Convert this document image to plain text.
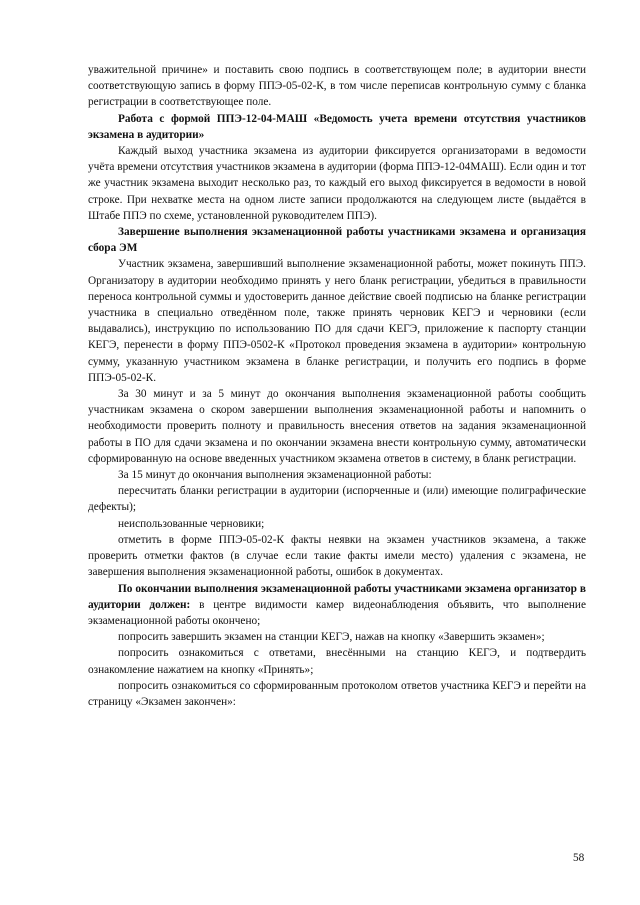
уважительной причине» и поставить свою подпись в соответствующем поле; в аудитории внести соответствующую запись в форму ППЭ-05-02-К, в том числе переписав контрольную сумму с бланка регистрации в соответствующее поле.

Работа с формой ППЭ-12-04-МАШ «Ведомость учета времени отсутствия участников экзамена в аудитории»

Каждый выход участника экзамена из аудитории фиксируется организаторами в ведомости учёта времени отсутствия участников экзамена в аудитории (форма ППЭ-12-04МАШ). Если один и тот же участник экзамена выходит несколько раз, то каждый его выход фиксируется в ведомости в новой строке. При нехватке места на одном листе записи продолжаются на следующем листе (выдаётся в Штабе ППЭ по схеме, установленной руководителем ППЭ).

Завершение выполнения экзаменационной работы участниками экзамена и организация сбора ЭМ

Участник экзамена, завершивший выполнение экзаменационной работы, может покинуть ППЭ. Организатору в аудитории необходимо принять у него бланк регистрации, убедиться в правильности переноса контрольной суммы и удостоверить данное действие своей подписью на бланке регистрации участника в специально отведённом поле, также принять черновик КЕГЭ и черновики (если выдавались), инструкцию по использованию ПО для сдачи КЕГЭ, приложение к паспорту станции КЕГЭ, перенести в форму ППЭ-0502-К «Протокол проведения экзамена в аудитории» контрольную сумму, указанную участником экзамена в бланке регистрации, и получить его подпись в форме ППЭ-05-02-К.

За 30 минут и за 5 минут до окончания выполнения экзаменационной работы сообщить участникам экзамена о скором завершении выполнения экзаменационной работы и напомнить о необходимости проверить полноту и правильность внесения ответов на задания экзаменационной работы в ПО для сдачи экзамена и по окончании экзамена внести контрольную сумму, автоматически сформированную на основе введенных участником экзамена ответов в систему, в бланк регистрации.

За 15 минут до окончания выполнения экзаменационной работы:

пересчитать бланки регистрации в аудитории (испорченные и (или) имеющие полиграфические дефекты);

неиспользованные черновики;

отметить в форме ППЭ-05-02-К факты неявки на экзамен участников экзамена, а также проверить отметки фактов (в случае если такие факты имели место) удаления с экзамена, не завершения выполнения экзаменационной работы, ошибок в документах.

По окончании выполнения экзаменационной работы участниками экзамена организатор в аудитории должен: в центре видимости камер видеонаблюдения объявить, что выполнение экзаменационной работы окончено;

попросить завершить экзамен на станции КЕГЭ, нажав на кнопку «Завершить экзамен»;

попросить ознакомиться с ответами, внесёнными на станцию КЕГЭ, и подтвердить ознакомление нажатием на кнопку «Принять»;

попросить ознакомиться со сформированным протоколом ответов участника КЕГЭ и перейти на страницу «Экзамен закончен»:

58
